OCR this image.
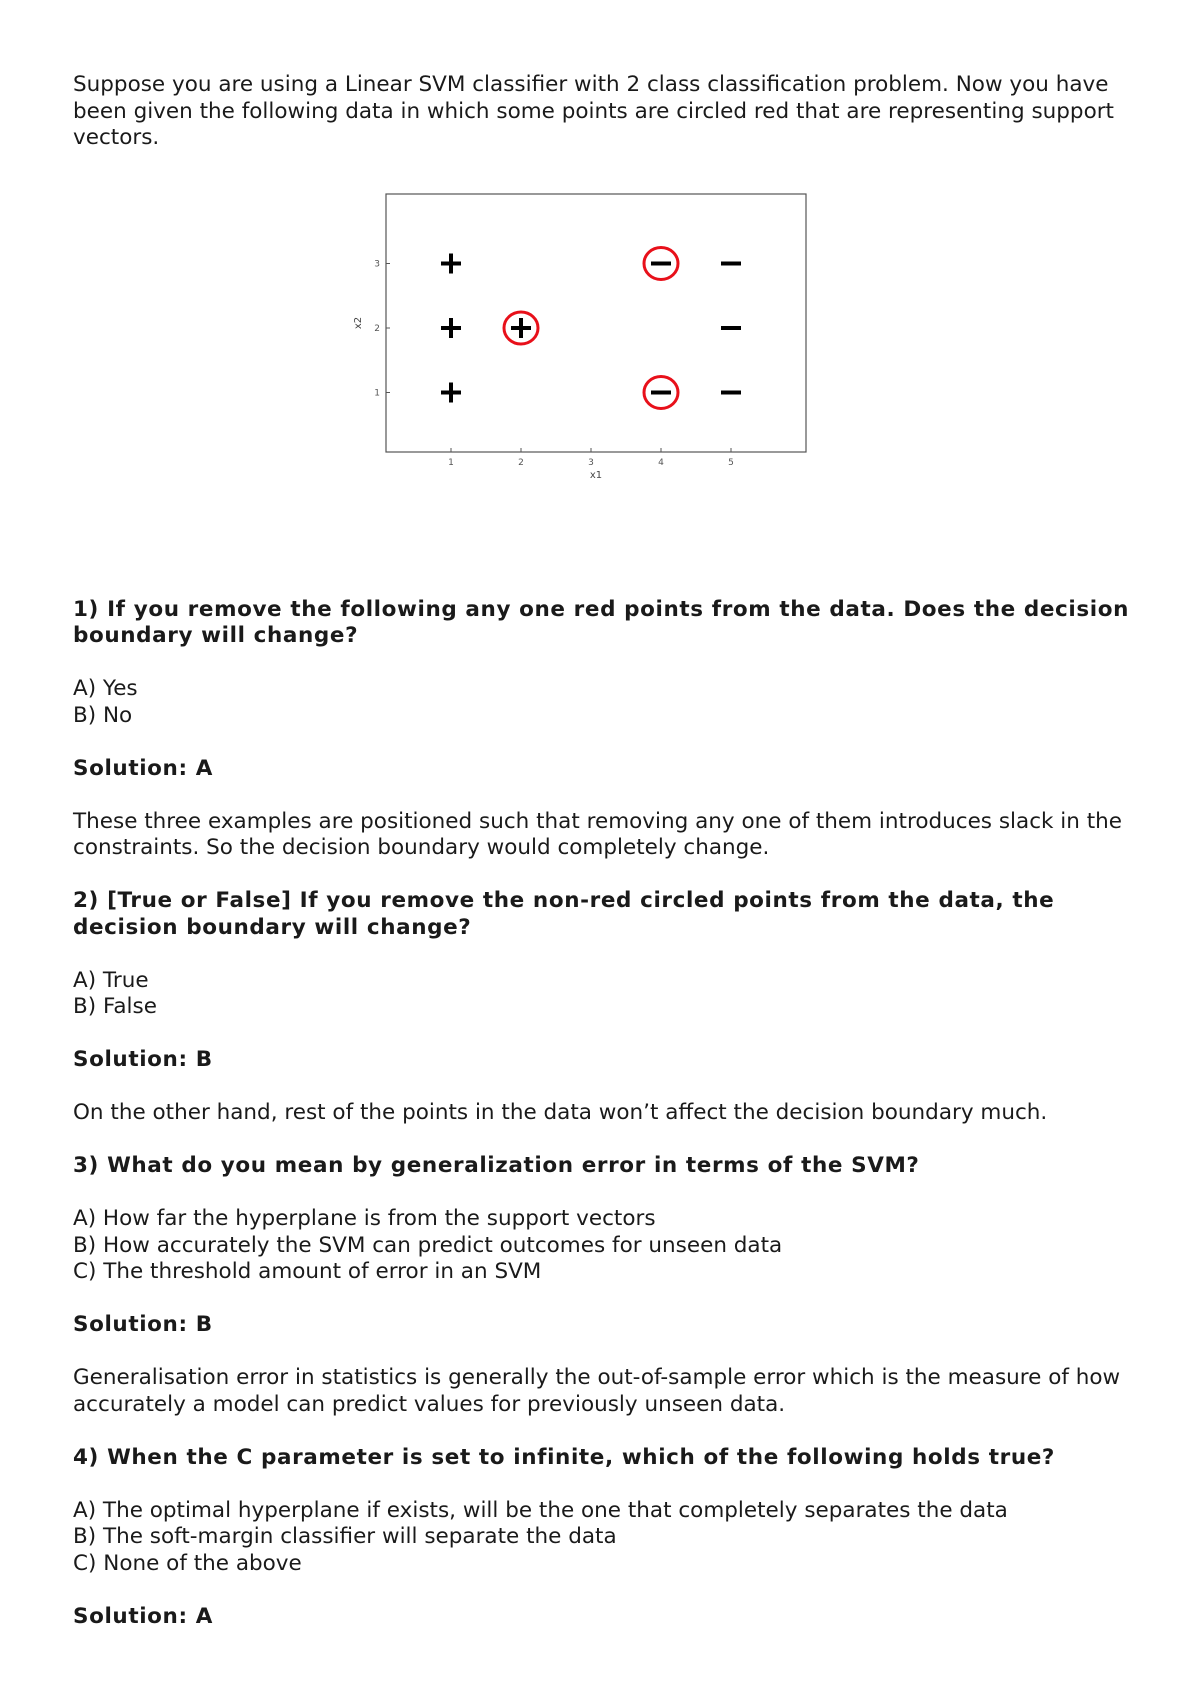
Suppose you are using a Linear SVM classifier with 2 class classification problem. Now you have been given the following data in which some points are circled red that are representing support vectors.

1	2	3	4	5
1
2
3
x1
x2

1) If you remove the following any one red points from the data. Does the decision boundary will change?

A) Yes
B) No

Solution: A

These three examples are positioned such that removing any one of them introduces slack in the constraints. So the decision boundary would completely change.

2) [True or False] If you remove the non-red circled points from the data, the decision boundary will change?

A) True
B) False

Solution: B

On the other hand, rest of the points in the data won’t affect the decision boundary much.

3) What do you mean by generalization error in terms of the SVM?

A) How far the hyperplane is from the support vectors
B) How accurately the SVM can predict outcomes for unseen data
C) The threshold amount of error in an SVM

Solution: B

Generalisation error in statistics is generally the out-of-sample error which is the measure of how accurately a model can predict values for previously unseen data.

4) When the C parameter is set to infinite, which of the following holds true?

A) The optimal hyperplane if exists, will be the one that completely separates the data
B) The soft-margin classifier will separate the data
C) None of the above

Solution: A
